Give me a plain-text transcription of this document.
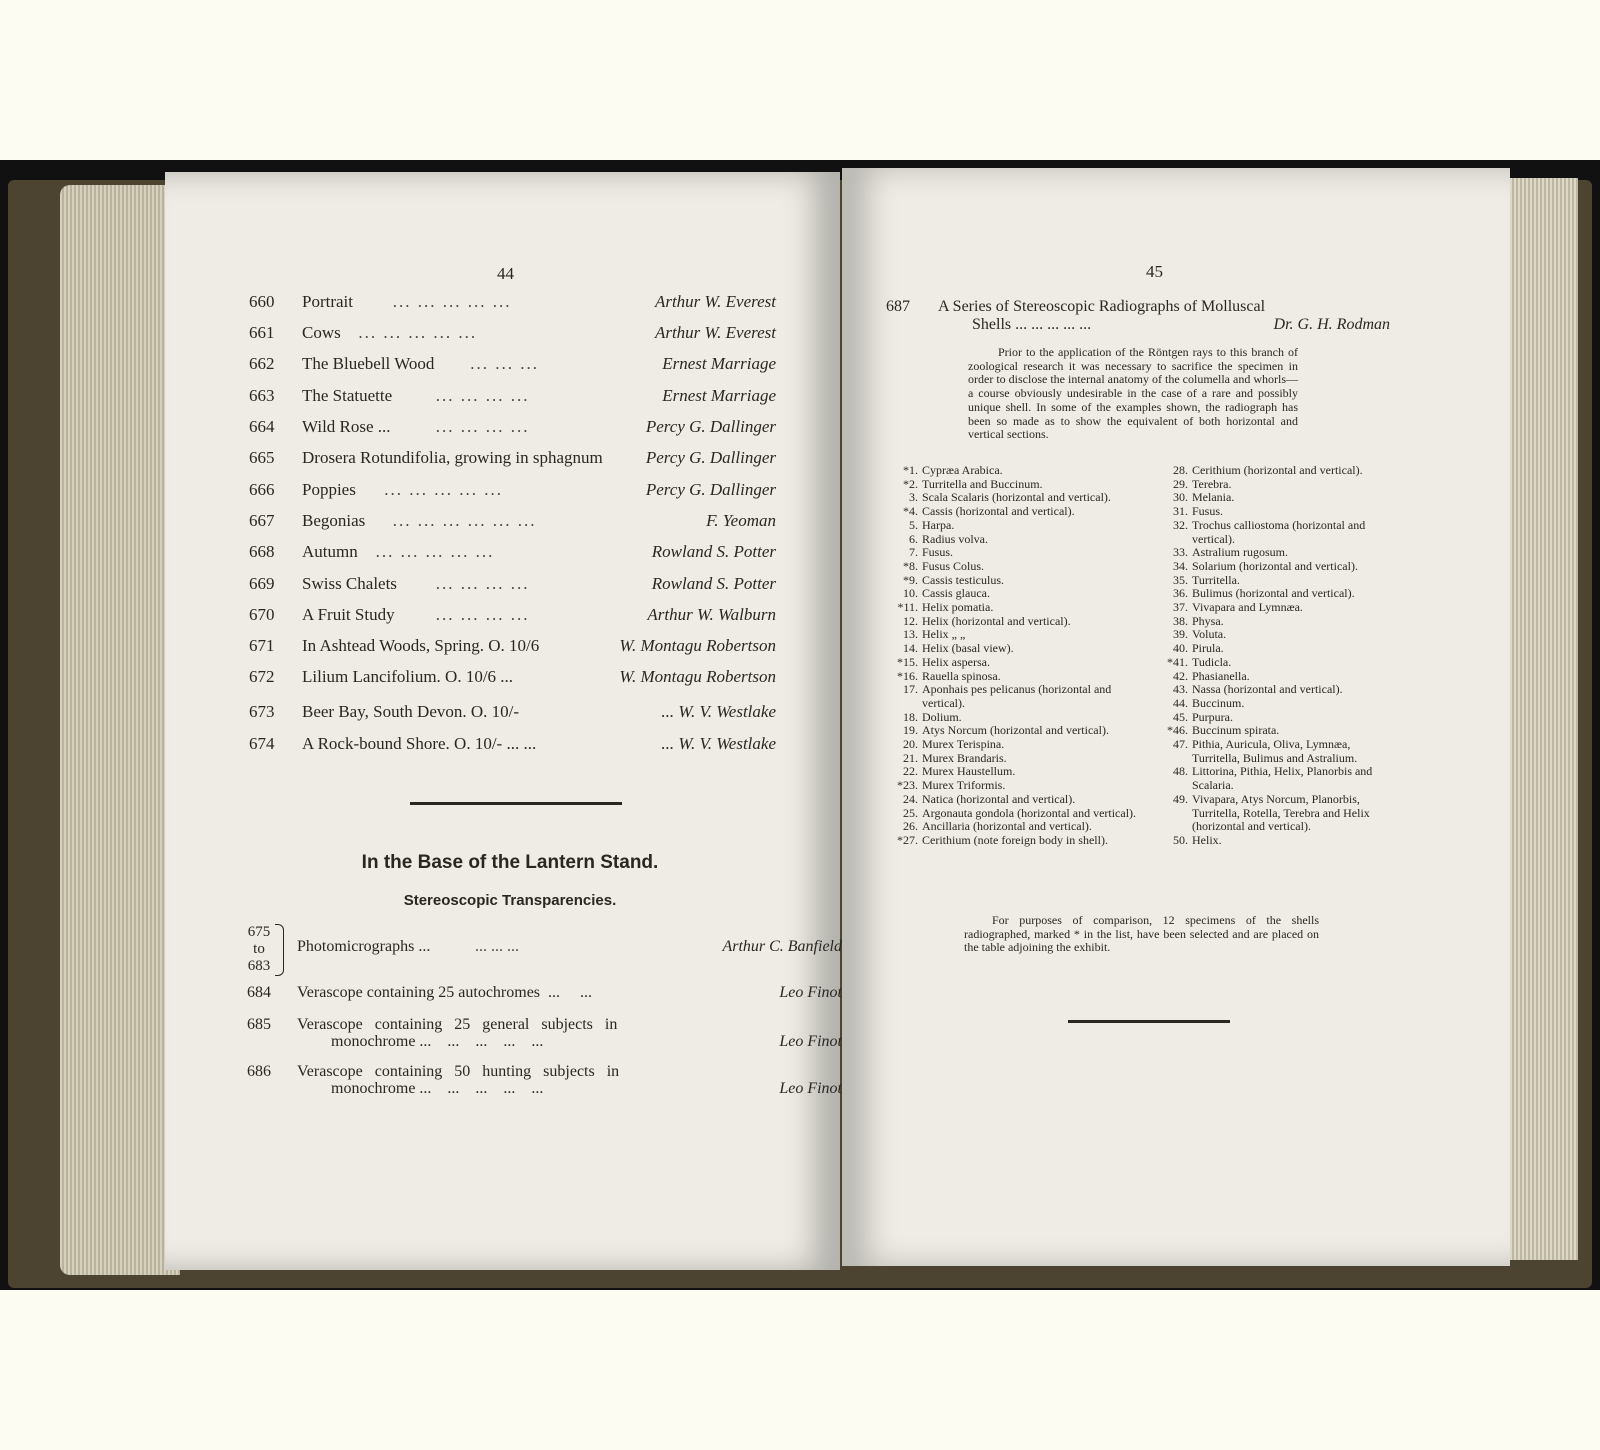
44
660 Portrait ... ... ... ... ...	Arthur W. Everest
661 Cows ... ... ... ... ...	Arthur W. Everest
662 The Bluebell Wood ... ... ...	Ernest Marriage
663 The Statuette	... ... ... ...	Ernest Marriage
664 Wild Rose ...	... ... ... ...	Percy G. Dallinger
665 Drosera Rotundifolia, growing in sphagnum	Percy G. Dallinger
666 Poppies ... ... ... ... ...	Percy G. Dallinger
667 Begonias ... ... ... ... ... ...	F. Yeoman
668 Autumn ... ... ... ... ...	Rowland S. Potter
669 Swiss Chalets ... ... ... ...	Rowland S. Potter
670 A Fruit Study ... ... ... ...	Arthur W. Walburn
671 In Ashtead Woods, Spring. O. 10/6	W. Montagu Robertson
672 Lilium Lancifolium. O. 10/6 ...	W. Montagu Robertson
673 Beer Bay, South Devon. O. 10/-	... W. V. Westlake
674 A Rock-bound Shore. O. 10/- ... ...	... W. V. Westlake
In the Base of the Lantern Stand.
Stereoscopic Transparencies.
675
to
683
Photomicrographs ...	... ... ...	Arthur C. Banfield
684 Verascope containing 25 autochromes  ...     ...	Leo Finot
685 Verascope   containing   25   general   subjects   in
monochrome ...    ...    ...    ...    ...	Leo Finot
686 Verascope   containing   50   hunting   subjects   in
monochrome ...    ...    ...    ...    ...	Leo Finot
45
687 A Series of Stereoscopic Radiographs of Molluscal
Shells ... ... ... ... ...	Dr. G. H. Rodman
Prior to the application of the Röntgen rays to this branch of zoological research it was necessary to sacrifice the specimen in order to disclose the internal anatomy of the columella and whorls—a course obviously undesirable in the case of a rare and possibly unique shell. In some of the examples shown, the radiograph has been so made as to show the equivalent of both horizontal and vertical sections.
*1. Cypræa Arabica.
*2. Turritella and Buccinum.
3. Scala Scalaris (horizontal and vertical).
*4. Cassis (horizontal and vertical).
5. Harpa.
6. Radius volva.
7. Fusus.
*8. Fusus Colus.
*9. Cassis testiculus.
10. Cassis glauca.
*11. Helix pomatia.
12. Helix (horizontal and vertical).
13. Helix „ „
14. Helix (basal view).
*15. Helix aspersa.
*16. Rauella spinosa.
17. Aponhais pes pelicanus (horizontal and vertical).
18. Dolium.
19. Atys Norcum (horizontal and vertical).
20. Murex Terispina.
21. Murex Brandaris.
22. Murex Haustellum.
*23. Murex Triformis.
24. Natica (horizontal and vertical).
25. Argonauta gondola (horizontal and vertical).
26. Ancillaria (horizontal and vertical).
*27. Cerithium (note foreign body in shell).
28. Cerithium (horizontal and vertical).
29. Terebra.
30. Melania.
31. Fusus.
32. Trochus calliostoma (horizontal and vertical).
33. Astralium rugosum.
34. Solarium (horizontal and vertical).
35. Turritella.
36. Bulimus (horizontal and vertical).
37. Vivapara and Lymnæa.
38. Physa.
39. Voluta.
40. Pirula.
*41. Tudicla.
42. Phasianella.
43. Nassa (horizontal and vertical).
44. Buccinum.
45. Purpura.
*46. Buccinum spirata.
47. Pithia, Auricula, Oliva, Lymnæa, Turritella, Bulimus and Astralium.
48. Littorina, Pithia, Helix, Planorbis and Scalaria.
49. Vivapara, Atys Norcum, Planorbis, Turritella, Rotella, Terebra and Helix (horizontal and vertical).
50. Helix.
For purposes of comparison, 12 specimens of the shells radiographed, marked * in the list, have been selected and are placed on the table adjoining the exhibit.
